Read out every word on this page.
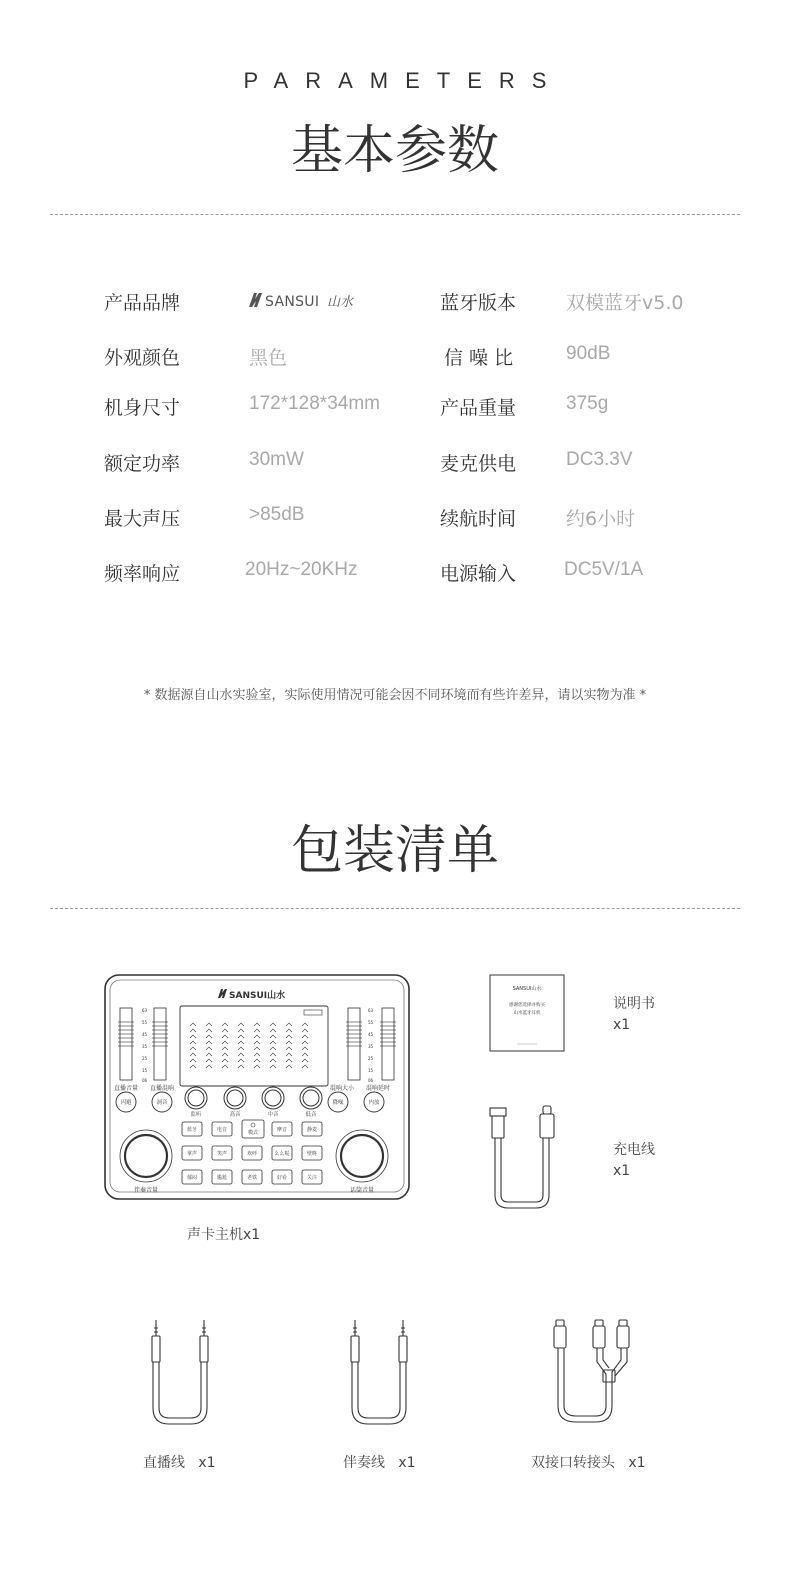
PARAMETERS
基本参数
产品品牌	SANSUI 山水	蓝牙版本	双模蓝牙v5.0
外观颜色	黑色	信 噪 比	90dB
机身尺寸	172*128*34mm	产品重量	375g
额定功率	30mW	麦克供电	DC3.3V
最大声压	>85dB	续航时间	约6小时
频率响应	20Hz~20KHz	电源输入	DC5V/1A
* 数据源自山水实验室，实际使用情况可能会因不同环境而有些许差异，请以实物为准 *
包装清单
SANSUI山水
63
55
45
35
25
15
06
63
55
45
35
25
15
06
直播音量 直播混响	混响大小 混响延时
闪避	洞音	降噪	内放
监听	高音	中音	低音
伴奏音量	话筒音量
蓝牙	电音	模式	摩音	静麦
掌声	笑声	欢呼	么么哒	壁咚
郁闷	尴尬	老铁	好看	关注
声卡主机x1
SANSUI山水
感谢您选择并购买
山水蓝牙耳机
说明书
x1
充电线
x1
直播线 x1	伴奏线 x1	双接口转接头 x1
